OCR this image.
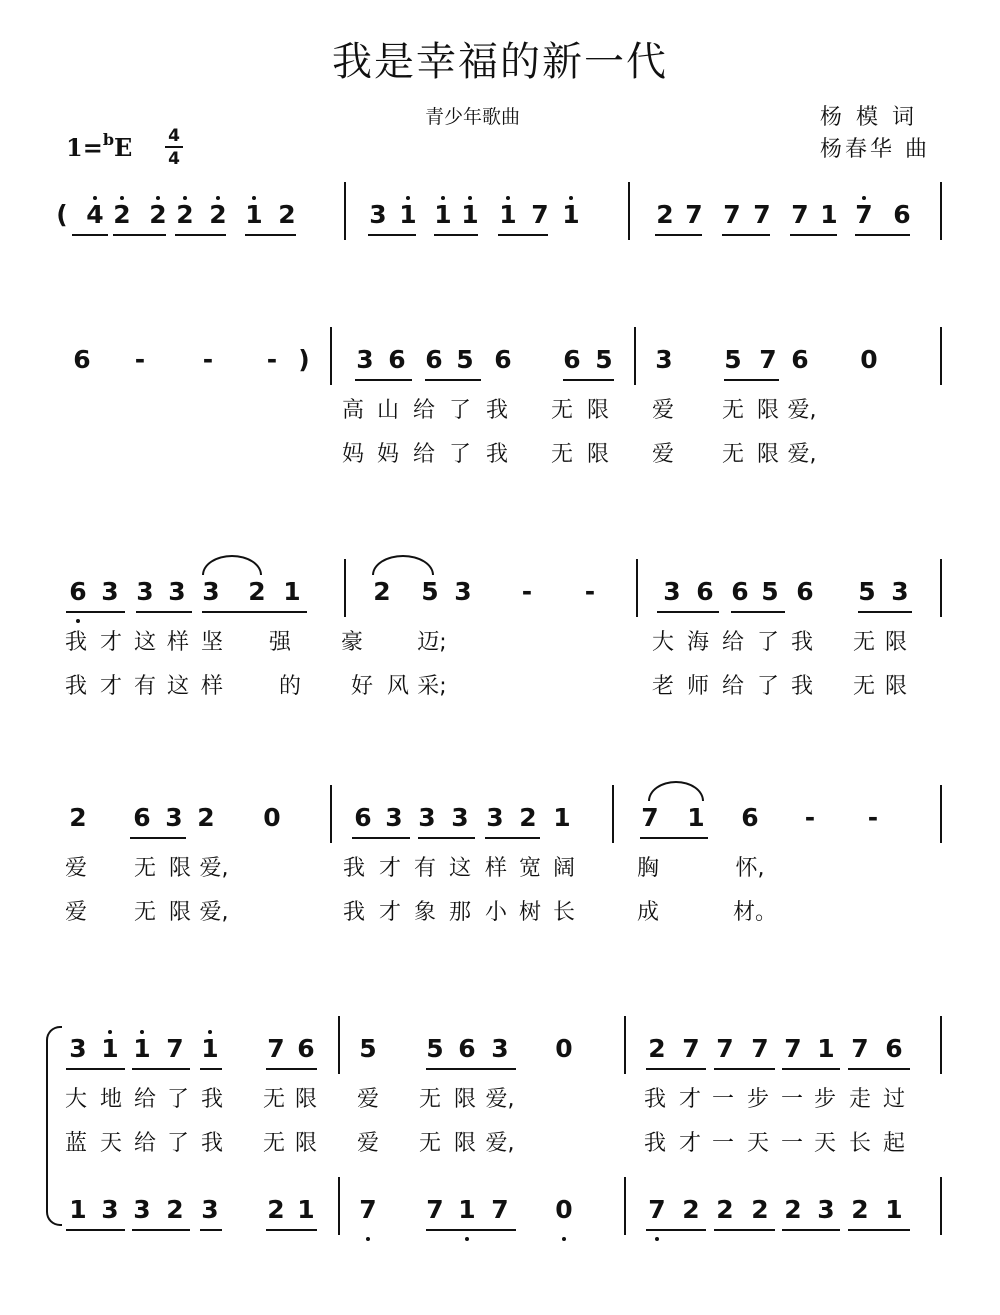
我是幸福的新一代
青少年歌曲	杨模词
杨春华 曲
1=$^b$E 4
4
( 4 2 2 2 2 1 2	3 1 1 1 1 7 1	2 7 7 7 7 1 7 6
6 - - - ) 3 6 6 5 6 6 5 3 5 7 6 0
高 山 给 了 我 无 限 爱 无 限 爱,
妈 妈 给 了 我 无 限 爱 无 限 爱,
6 3 3 3 3 2 1	2 5 3 - -	3 6 6 5 6 5 3
我 才 这 样 坚 强 豪 迈;	大 海 给 了 我 无 限
我 才 有 这 样	的 好 风 采;	老 师 给 了 我 无 限
2 6 3 2 0	6 3 3 3 3 2 1	7 1 6 - -
爱 无 限 爱,	我 才 有 这 样 宽 阔	胸	怀,
爱 无 限 爱,	我 才 象 那 小 树 长	成	材。
3 1 1 7 1 7 6 5 5 6 3 0	2 7 7 7 7 1 7 6
大 地 给 了 我 无 限 爱 无 限 爱,	我 才 一 步 一 步 走 过
蓝 天 给 了 我 无 限 爱 无 限 爱,	我 才 一 天 一 天 长 起
1 3 3 2 3 2 1 7 7 1 7 0	7 2 2 2 2 3 2 1
